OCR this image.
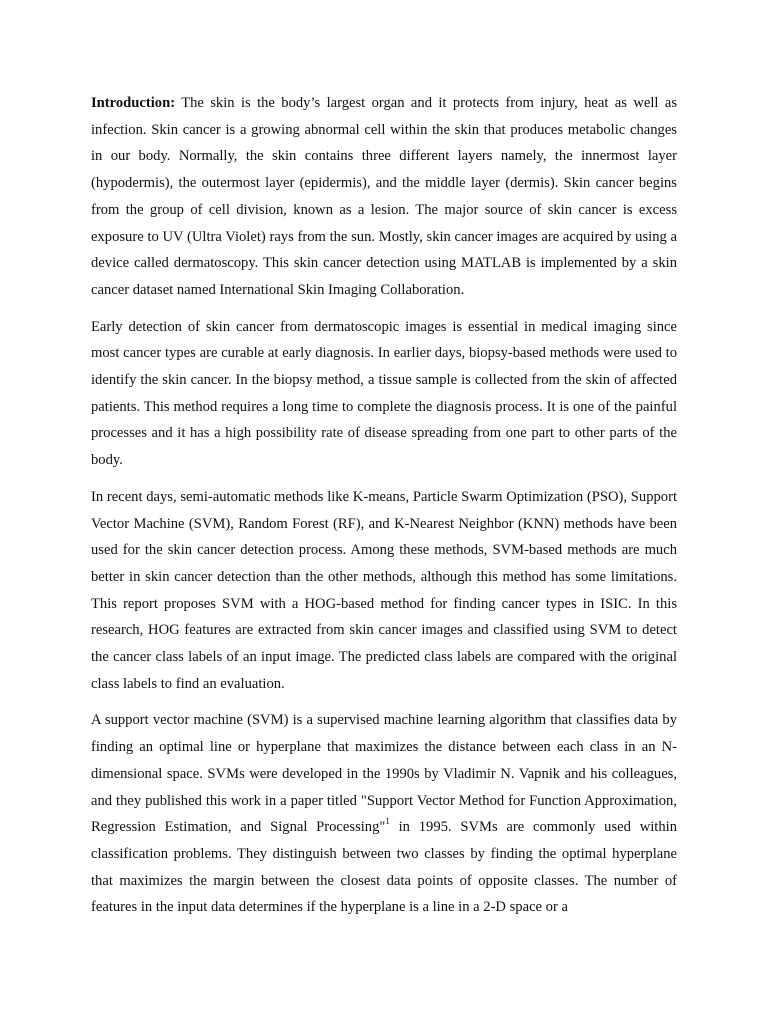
Introduction: The skin is the body’s largest organ and it protects from injury, heat as well as infection. Skin cancer is a growing abnormal cell within the skin that produces metabolic changes in our body. Normally, the skin contains three different layers namely, the innermost layer (hypodermis), the outermost layer (epidermis), and the middle layer (dermis). Skin cancer begins from the group of cell division, known as a lesion. The major source of skin cancer is excess exposure to UV (Ultra Violet) rays from the sun. Mostly, skin cancer images are acquired by using a device called dermatoscopy. This skin cancer detection using MATLAB is implemented by a skin cancer dataset named International Skin Imaging Collaboration.

Early detection of skin cancer from dermatoscopic images is essential in medical imaging since most cancer types are curable at early diagnosis. In earlier days, biopsy-based methods were used to identify the skin cancer. In the biopsy method, a tissue sample is collected from the skin of affected patients. This method requires a long time to complete the diagnosis process. It is one of the painful processes and it has a high possibility rate of disease spreading from one part to other parts of the body.

In recent days, semi-automatic methods like K-means, Particle Swarm Optimization (PSO), Support Vector Machine (SVM), Random Forest (RF), and K-Nearest Neighbor (KNN) methods have been used for the skin cancer detection process. Among these methods, SVM-based methods are much better in skin cancer detection than the other methods, although this method has some limitations. This report proposes SVM with a HOG-based method for finding cancer types in ISIC. In this research, HOG features are extracted from skin cancer images and classified using SVM to detect the cancer class labels of an input image. The predicted class labels are compared with the original class labels to find an evaluation.

A support vector machine (SVM) is a supervised machine learning algorithm that classifies data by finding an optimal line or hyperplane that maximizes the distance between each class in an N-dimensional space. SVMs were developed in the 1990s by Vladimir N. Vapnik and his colleagues, and they published this work in a paper titled "Support Vector Method for Function Approximation, Regression Estimation, and Signal Processing"$^1$ in 1995. SVMs are commonly used within classification problems. They distinguish between two classes by finding the optimal hyperplane that maximizes the margin between the closest data points of opposite classes. The number of features in the input data determines if the hyperplane is a line in a 2-D space or a
